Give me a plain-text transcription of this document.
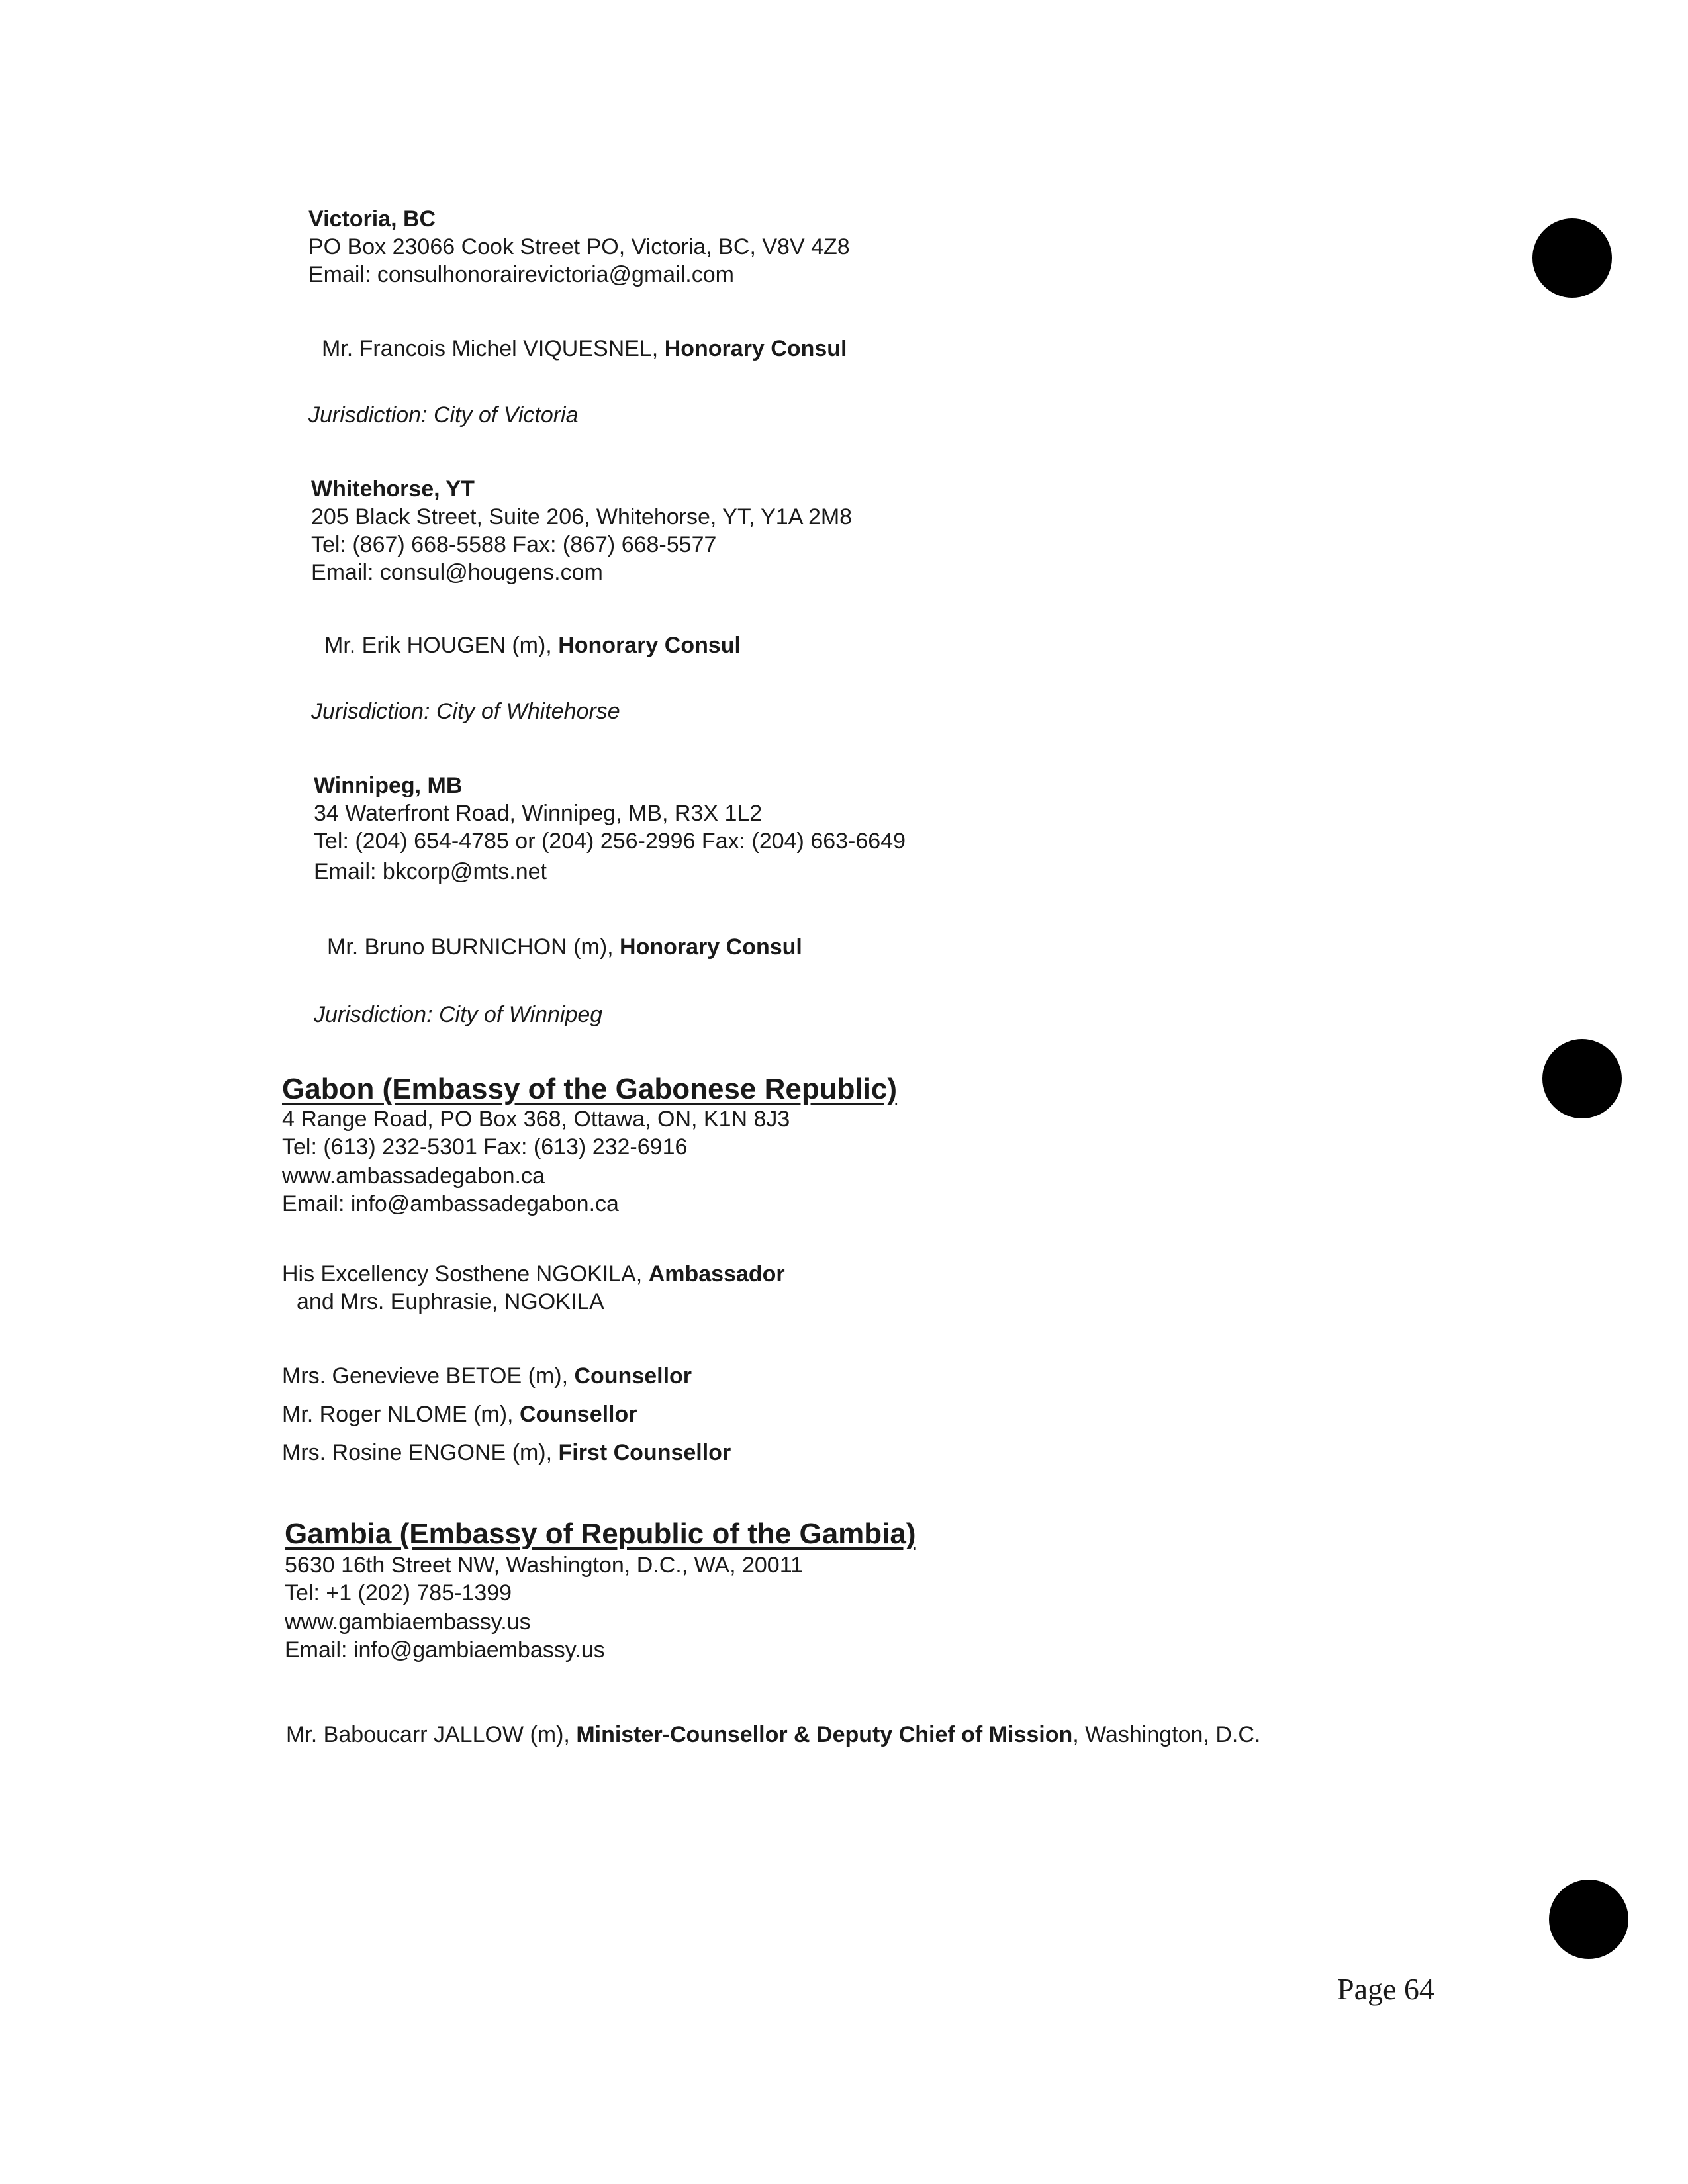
Victoria, BC
PO Box 23066 Cook Street PO, Victoria, BC, V8V 4Z8
Email: consulhonorairevictoria@gmail.com
Mr. Francois Michel VIQUESNEL, Honorary Consul
Jurisdiction: City of Victoria
Whitehorse, YT
205 Black Street, Suite 206, Whitehorse, YT, Y1A 2M8
Tel: (867) 668-5588 Fax: (867) 668-5577
Email: consul@hougens.com
Mr. Erik HOUGEN (m), Honorary Consul
Jurisdiction: City of Whitehorse
Winnipeg, MB
34 Waterfront Road, Winnipeg, MB, R3X 1L2
Tel: (204) 654-4785 or (204) 256-2996 Fax: (204) 663-6649
Email: bkcorp@mts.net
Mr. Bruno BURNICHON (m), Honorary Consul
Jurisdiction: City of Winnipeg
Gabon (Embassy of the Gabonese Republic)
4 Range Road, PO Box 368, Ottawa, ON, K1N 8J3
Tel: (613) 232-5301 Fax: (613) 232-6916
www.ambassadegabon.ca
Email: info@ambassadegabon.ca
His Excellency Sosthene NGOKILA, Ambassador
and Mrs. Euphrasie, NGOKILA
Mrs. Genevieve BETOE (m), Counsellor
Mr. Roger NLOME (m), Counsellor
Mrs. Rosine ENGONE (m), First Counsellor
Gambia (Embassy of Republic of the Gambia)
5630 16th Street NW, Washington, D.C., WA, 20011
Tel: +1 (202) 785-1399
www.gambiaembassy.us
Email: info@gambiaembassy.us
Mr. Baboucarr JALLOW (m), Minister-Counsellor & Deputy Chief of Mission, Washington, D.C.
Page 64
